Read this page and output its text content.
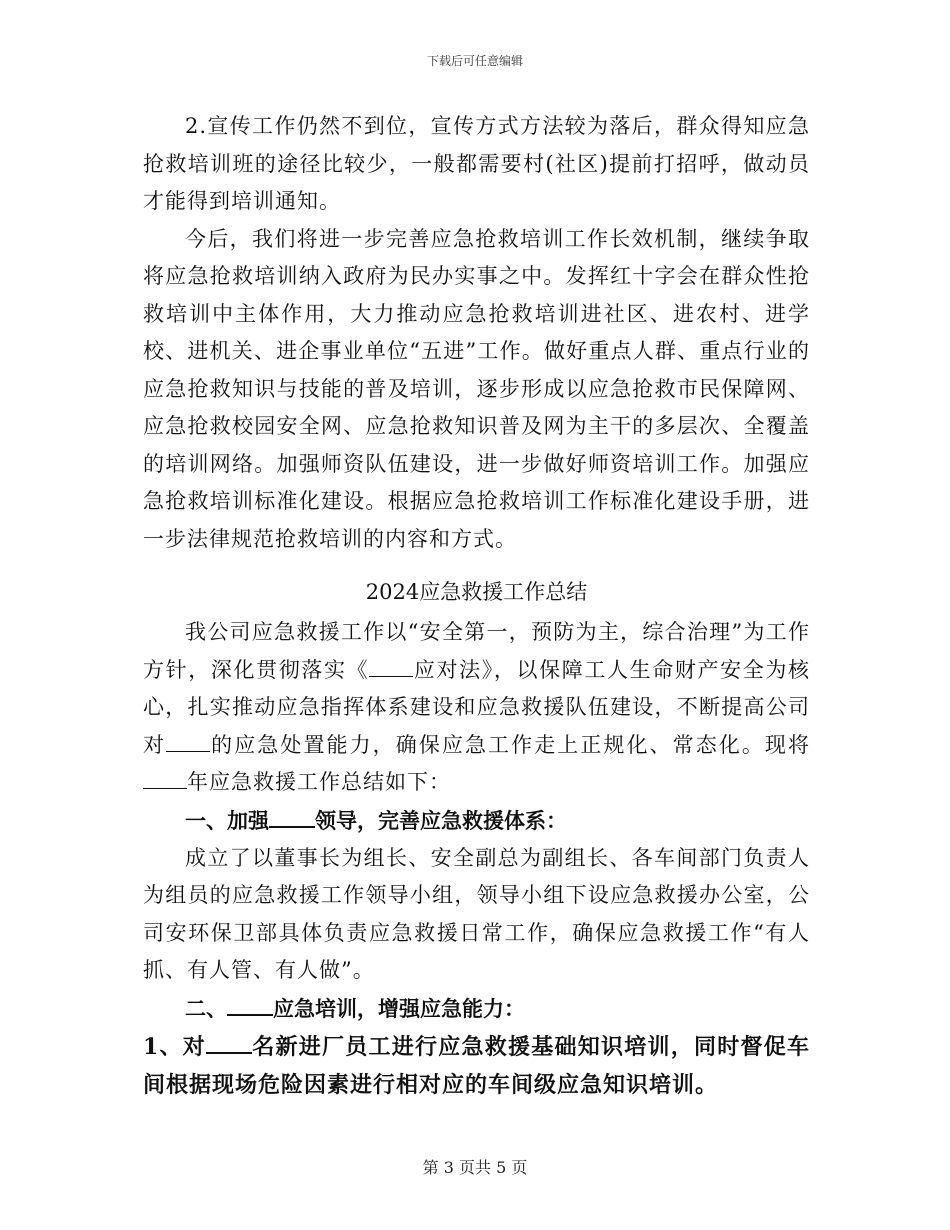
下载后可任意编辑

2.宣传工作仍然不到位，宣传方式方法较为落后，群众得知应急抢救培训班的途径比较少，一般都需要村(社区)提前打招呼，做动员才能得到培训通知。

今后，我们将进一步完善应急抢救培训工作长效机制，继续争取将应急抢救培训纳入政府为民办实事之中。发挥红十字会在群众性抢救培训中主体作用，大力推动应急抢救培训进社区、进农村、进学校、进机关、进企事业单位“五进”工作。做好重点人群、重点行业的应急抢救知识与技能的普及培训，逐步形成以应急抢救市民保障网、应急抢救校园安全网、应急抢救知识普及网为主干的多层次、全覆盖的培训网络。加强师资队伍建设，进一步做好师资培训工作。加强应急抢救培训标准化建设。根据应急抢救培训工作标准化建设手册，进一步法律规范抢救培训的内容和方式。

2024应急救援工作总结

我公司应急救援工作以“安全第一，预防为主，综合治理”为工作方针，深化贯彻落实《 应对法》，以保障工人生命财产安全为核心，扎实推动应急指挥体系建设和应急救援队伍建设，不断提高公司对 的应急处置能力，确保应急工作走上正规化、常态化。现将年应急救援工作总结如下：

一、加强 领导，完善应急救援体系：

成立了以董事长为组长、安全副总为副组长、各车间部门负责人为组员的应急救援工作领导小组，领导小组下设应急救援办公室，公司安环保卫部具体负责应急救援日常工作，确保应急救援工作“有人抓、有人管、有人做”。

二、 应急培训，增强应急能力：

1、对 名新进厂员工进行应急救援基础知识培训，同时督促车间根据现场危险因素进行相对应的车间级应急知识培训。

第 3 页共 5 页
